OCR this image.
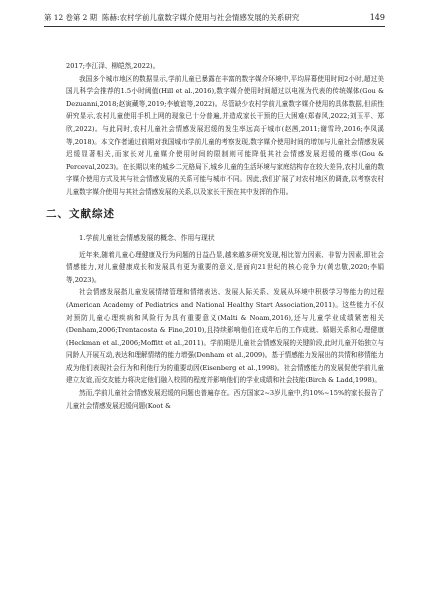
第 12 卷第 2 期 陈赫:农村学前儿童数字媒介使用与社会情感发展的关系研究	149

2017;李江泽、柳皑然,2022)。

我国多个城市地区的数据显示,学前儿童已暴露在丰富的数字媒介环境中,平均屏幕使用时间2小时,超过美国儿科学会推荐的1.5小时阈值(Hill et al.,2016),数字媒介使用时间超过以电视为代表的传统媒体(Gou & Dezuanni,2018;赵寅藏等,2019;李敏谊等,2022)。尽管缺少农村学前儿童数字媒介使用的具体数据,但质性研究显示,农村儿童使用手机上网的现象已十分普遍,并造成家长干预的巨大困难(郑春风,2022;刘玉平、郑欣,2022)。与此同时,农村儿童社会情感发展迟缓的发生率远高于城市(赵茜,2011;谢雪玲,2016;李凤溪等,2018)。本文作者通过前期对我国城市学前儿童的考察发现,数字媒介使用时间的增加与儿童社会情感发展迟缓显著相关,而家长对儿童媒介使用时间的限制则可能降低其社会情感发展迟缓的概率(Gou & Perceval,2023)。在长期以来的城乡二元格局下,城乡儿童的生活环境与家庭结构存在较大差异,农村儿童的数字媒介使用方式及其与社会情感发展的关系可能与城市不同。因此,我们扩展了对农村地区的调查,以考察农村儿童数字媒介使用与其社会情感发展的关系,以及家长干预在其中发挥的作用。

二、文献综述
1.学前儿童社会情感发展的概念、作用与现状

近年来,随着儿童心理健康及行为问题的日益凸显,越来越多研究发现,相比智力因素、非智力因素,即社会情感能力,对儿童健康成长和发展具有更为重要的意义,是面向21世纪的核心竞争力(黄忠敬,2020;李娟等,2023)。

社会情感发展指儿童发展情绪管理和情绪表达、发展人际关系、发展从环境中积极学习等能力的过程(American Academy of Pediatrics and National Healthy Start Association,2011)。这些能力不仅对预防儿童心理疾病和风险行为具有重要意义(Malti & Noam,2016),还与儿童学业成绩紧密相关(Denham,2006;Trentacosta & Fine,2010),且持续影响他们在成年后的工作成就、婚姻关系和心理健康(Heckman et al.,2006;Moffitt et al.,2011)。学前期是儿童社会情感发展的关键阶段,此时儿童开始独立与同龄人开展互动,表达和理解情绪的能力增强(Denham et al.,2009)。基于情感能力发展出的共情和移情能力成为他们表现社会行为和利他行为的重要动因(Eisenberg et al.,1998)。社会情感能力的发展促使学前儿童建立友谊,而交友能力将决定他们融入校园的程度并影响他们的学业成绩和社会技能(Birch & Ladd,1998)。

然而,学前儿童社会情感发展迟缓的问题也普遍存在。西方国家2~3岁儿童中,约10%~15%的家长报告了儿童社会情感发展迟缓问题(Koot &
